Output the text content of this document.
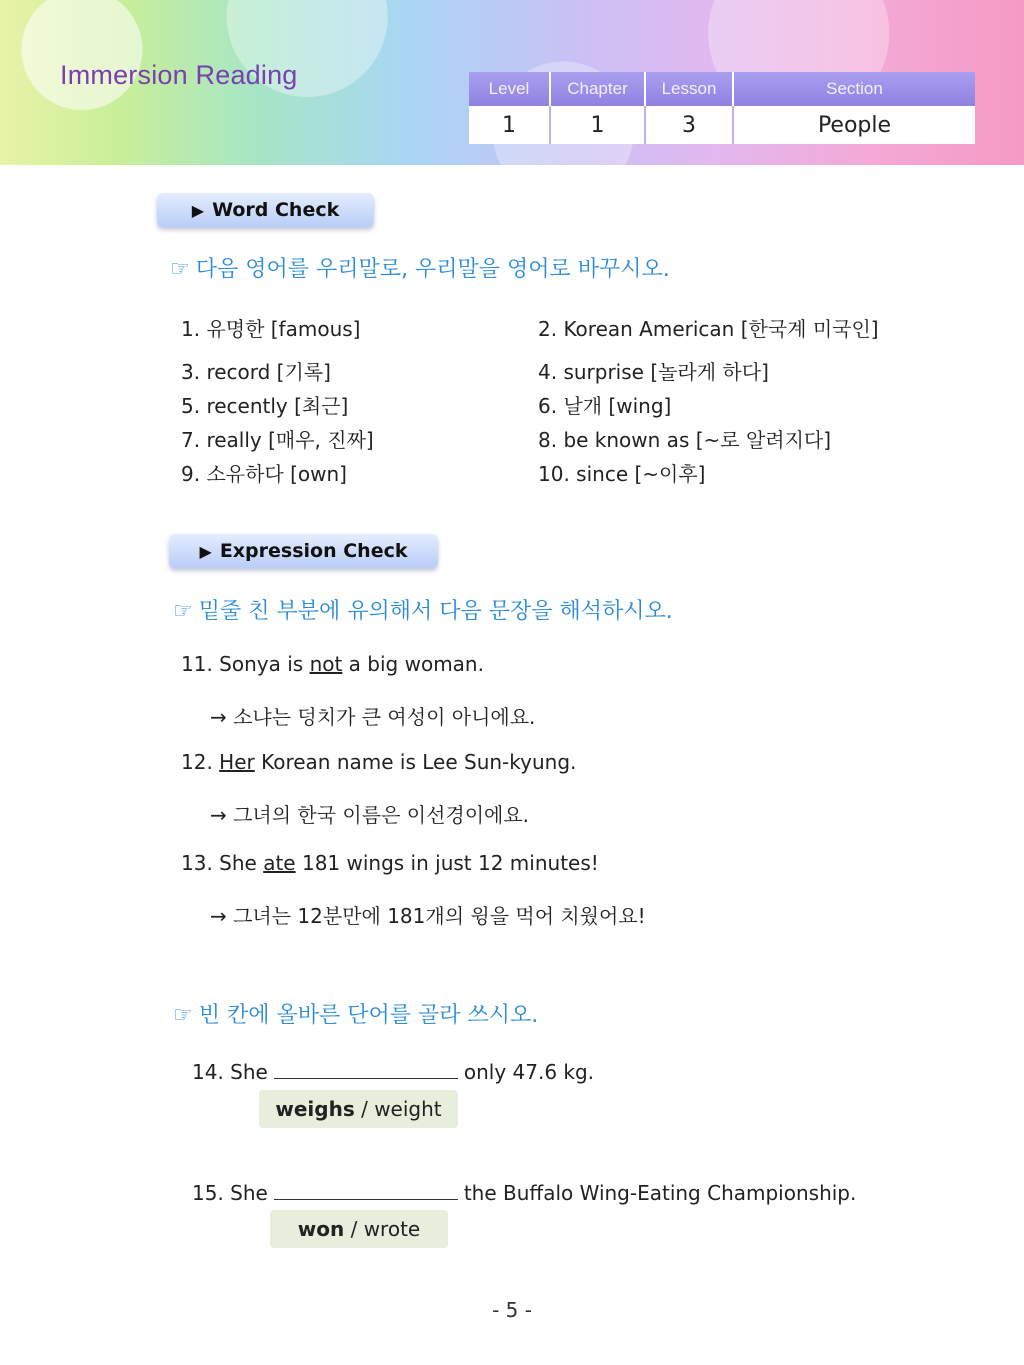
Immersion Reading	Level	Chapter	Lesson	Section
1	1	3	People
▶ Word Check
☞ 다음 영어를 우리말로, 우리말을 영어로 바꾸시오.
1. 유명한 [famous]	2. Korean American [한국계 미국인]
3. record [기록]	4. surprise [놀라게 하다]
5. recently [최근]	6. 날개 [wing]
7. really [매우, 진짜]	8. be known as [~로 알려지다]
9. 소유하다 [own]	10. since [~이후]
▶ Expression Check
☞ 밑줄 친 부분에 유의해서 다음 문장을 해석하시오.
11. Sonya is not a big woman.
→ 소냐는 덩치가 큰 여성이 아니에요.
12. Her Korean name is Lee Sun-kyung.
→ 그녀의 한국 이름은 이선경이에요.
13. She ate 181 wings in just 12 minutes!
→ 그녀는 12분만에 181개의 윙을 먹어 치웠어요!
☞ 빈 칸에 올바른 단어를 골라 쓰시오.
14. She	only 47.6 kg.
weighs / weight
15. She	the Buffalo Wing-Eating Championship.
won / wrote
- 5 -
